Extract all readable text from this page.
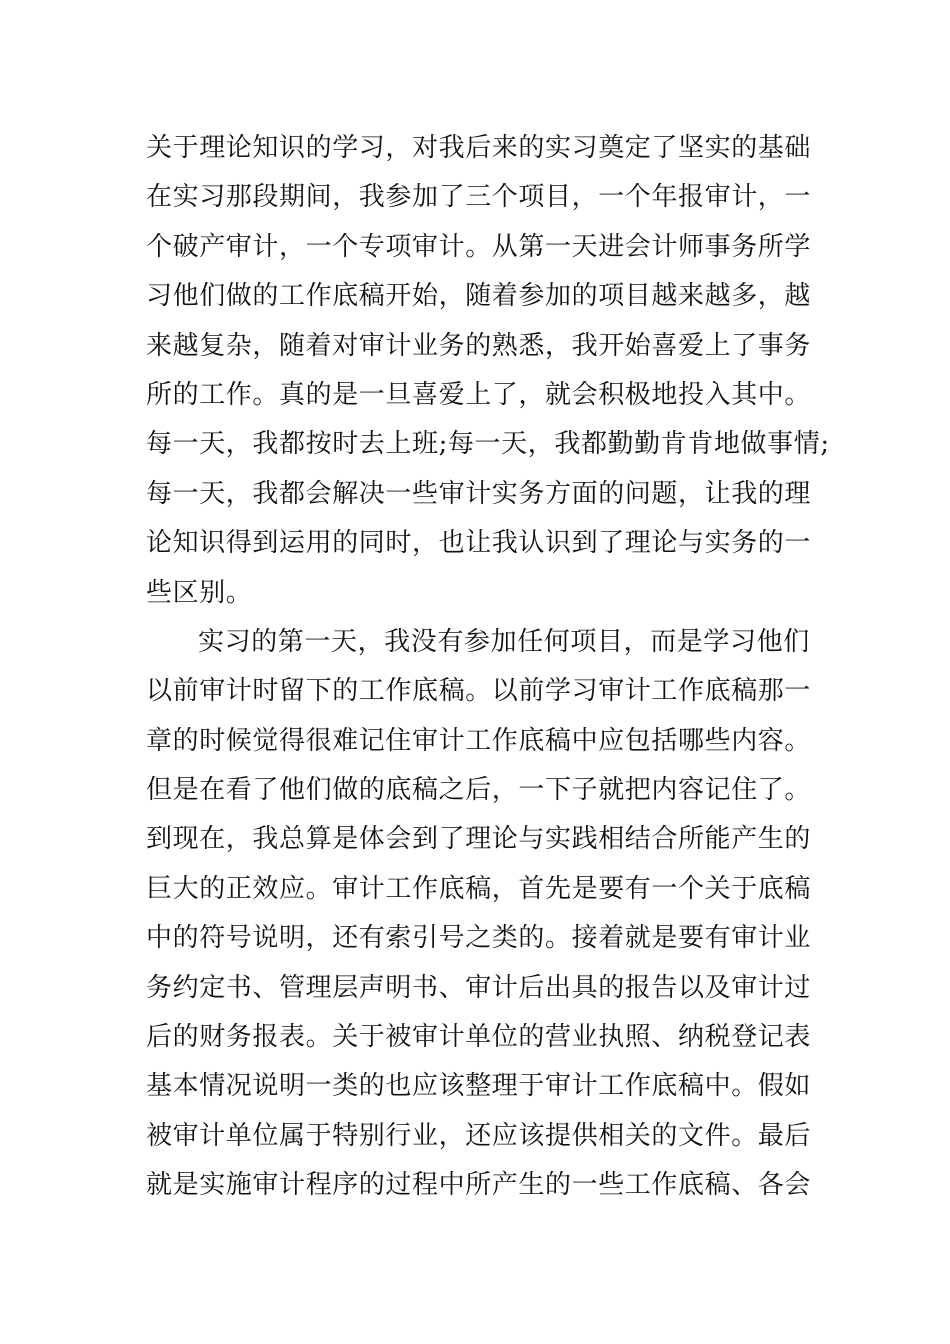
关于理论知识的学习，对我后来的实习奠定了坚实的基础
在实习那段期间，我参加了三个项目，一个年报审计，一
个破产审计，一个专项审计。从第一天进会计师事务所学
习他们做的工作底稿开始，随着参加的项目越来越多，越
来越复杂，随着对审计业务的熟悉，我开始喜爱上了事务
所的工作。真的是一旦喜爱上了，就会积极地投入其中。
每一天，我都按时去上班;每一天，我都勤勤肯肯地做事情;
每一天，我都会解决一些审计实务方面的问题，让我的理
论知识得到运用的同时，也让我认识到了理论与实务的一
些区别。
实习的第一天，我没有参加任何项目，而是学习他们
以前审计时留下的工作底稿。以前学习审计工作底稿那一
章的时候觉得很难记住审计工作底稿中应包括哪些内容。
但是在看了他们做的底稿之后，一下子就把内容记住了。
到现在，我总算是体会到了理论与实践相结合所能产生的
巨大的正效应。审计工作底稿，首先是要有一个关于底稿
中的符号说明，还有索引号之类的。接着就是要有审计业
务约定书、管理层声明书、审计后出具的报告以及审计过
后的财务报表。关于被审计单位的营业执照、纳税登记表
基本情况说明一类的也应该整理于审计工作底稿中。假如
被审计单位属于特别行业，还应该提供相关的文件。最后
就是实施审计程序的过程中所产生的一些工作底稿、各会
